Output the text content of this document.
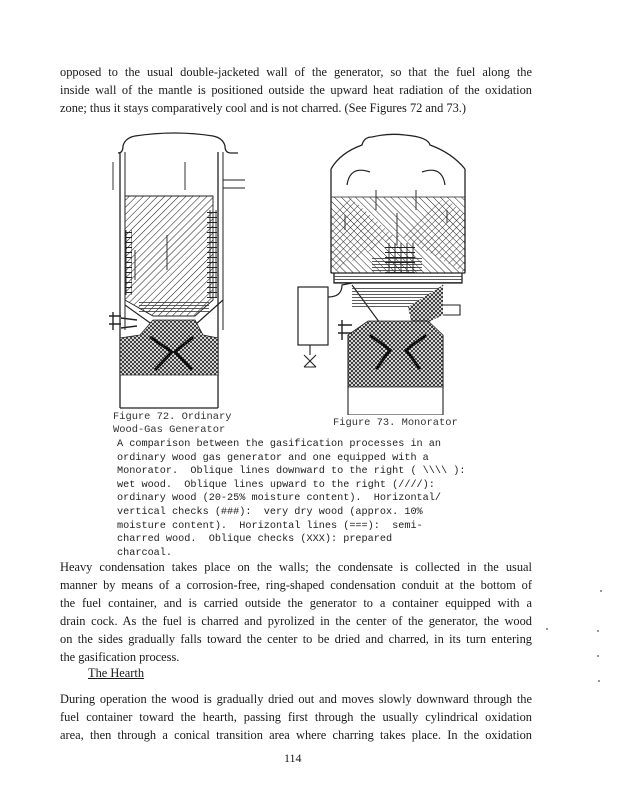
opposed to the usual double-jacketed wall of the generator, so that the fuel along the
inside wall of the mantle is positioned outside the upward heat radiation of the oxidation
zone; thus it stays comparatively cool and is not charred. (See Figures 72 and 73.)
Figure 72. Ordinary
Wood-Gas Generator
Figure 73. Monorator
A comparison between the gasification processes in an
ordinary wood gas generator and one equipped with a
Monorator.  Oblique lines downward to the right ( \\\\ ):
wet wood.  Oblique lines upward to the right (////):
ordinary wood (20-25% moisture content).  Horizontal/
vertical checks (###):  very dry wood (approx. 10%
moisture content).  Horizontal lines (===):  semi-
charred wood.  Oblique checks (XXX): prepared
charcoal.
Heavy condensation takes place on the walls; the condensate is collected in the usual
manner by means of a corrosion-free, ring-shaped condensation conduit at the bottom of
the fuel container, and is carried outside the generator to a container equipped with a
drain cock. As the fuel is charred and pyrolized in the center of the generator, the wood
on the sides gradually falls toward the center to be dried and charred, in its turn entering
the gasification process.
The Hearth
During operation the wood is gradually dried out and moves slowly downward through the
fuel container toward the hearth, passing first through the usually cylindrical oxidation
area, then through a conical transition area where charring takes place. In the oxidation
114
